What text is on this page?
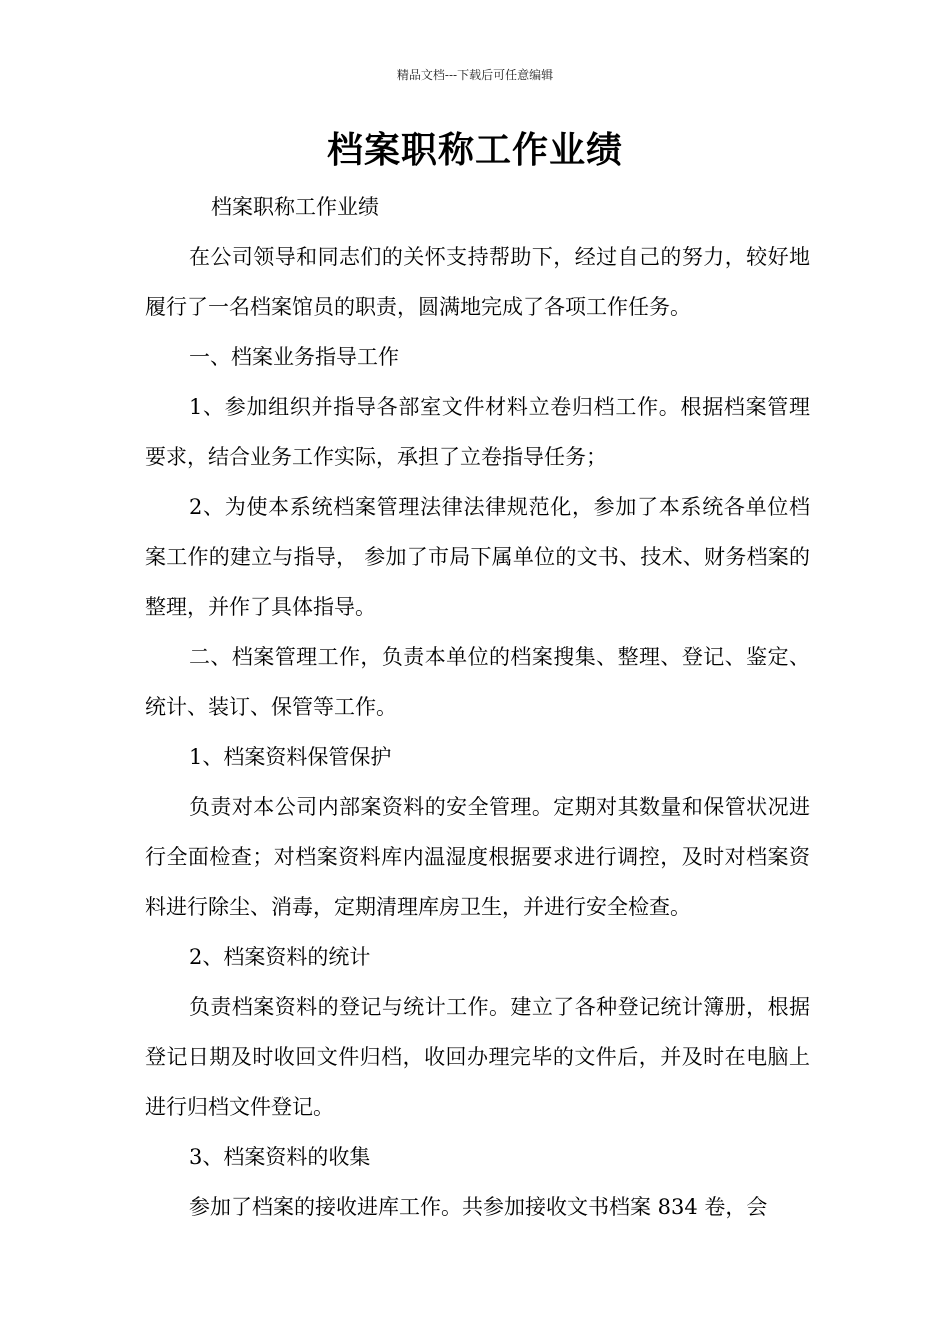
精品文档---下载后可任意编辑
档案职称工作业绩

档案职称工作业绩

在公司领导和同志们的关怀支持帮助下，经过自己的努力，较好地履行了一名档案馆员的职责，圆满地完成了各项工作任务。

一、档案业务指导工作

1、参加组织并指导各部室文件材料立卷归档工作。根据档案管理要求，结合业务工作实际，承担了立卷指导任务；

2、为使本系统档案管理法律法律规范化，参加了本系统各单位档案工作的建立与指导， 参加了市局下属单位的文书、技术、财务档案的整理，并作了具体指导。

二、档案管理工作，负责本单位的档案搜集、整理、登记、鉴定、统计、装订、保管等工作。

1、档案资料保管保护

负责对本公司内部案资料的安全管理。定期对其数量和保管状况进行全面检查；对档案资料库内温湿度根据要求进行调控，及时对档案资料进行除尘、消毒，定期清理库房卫生，并进行安全检查。

2、档案资料的统计

负责档案资料的登记与统计工作。建立了各种登记统计簿册，根据登记日期及时收回文件归档，收回办理完毕的文件后，并及时在电脑上进行归档文件登记。

3、档案资料的收集

参加了档案的接收进库工作。共参加接收文书档案 834 卷，会
